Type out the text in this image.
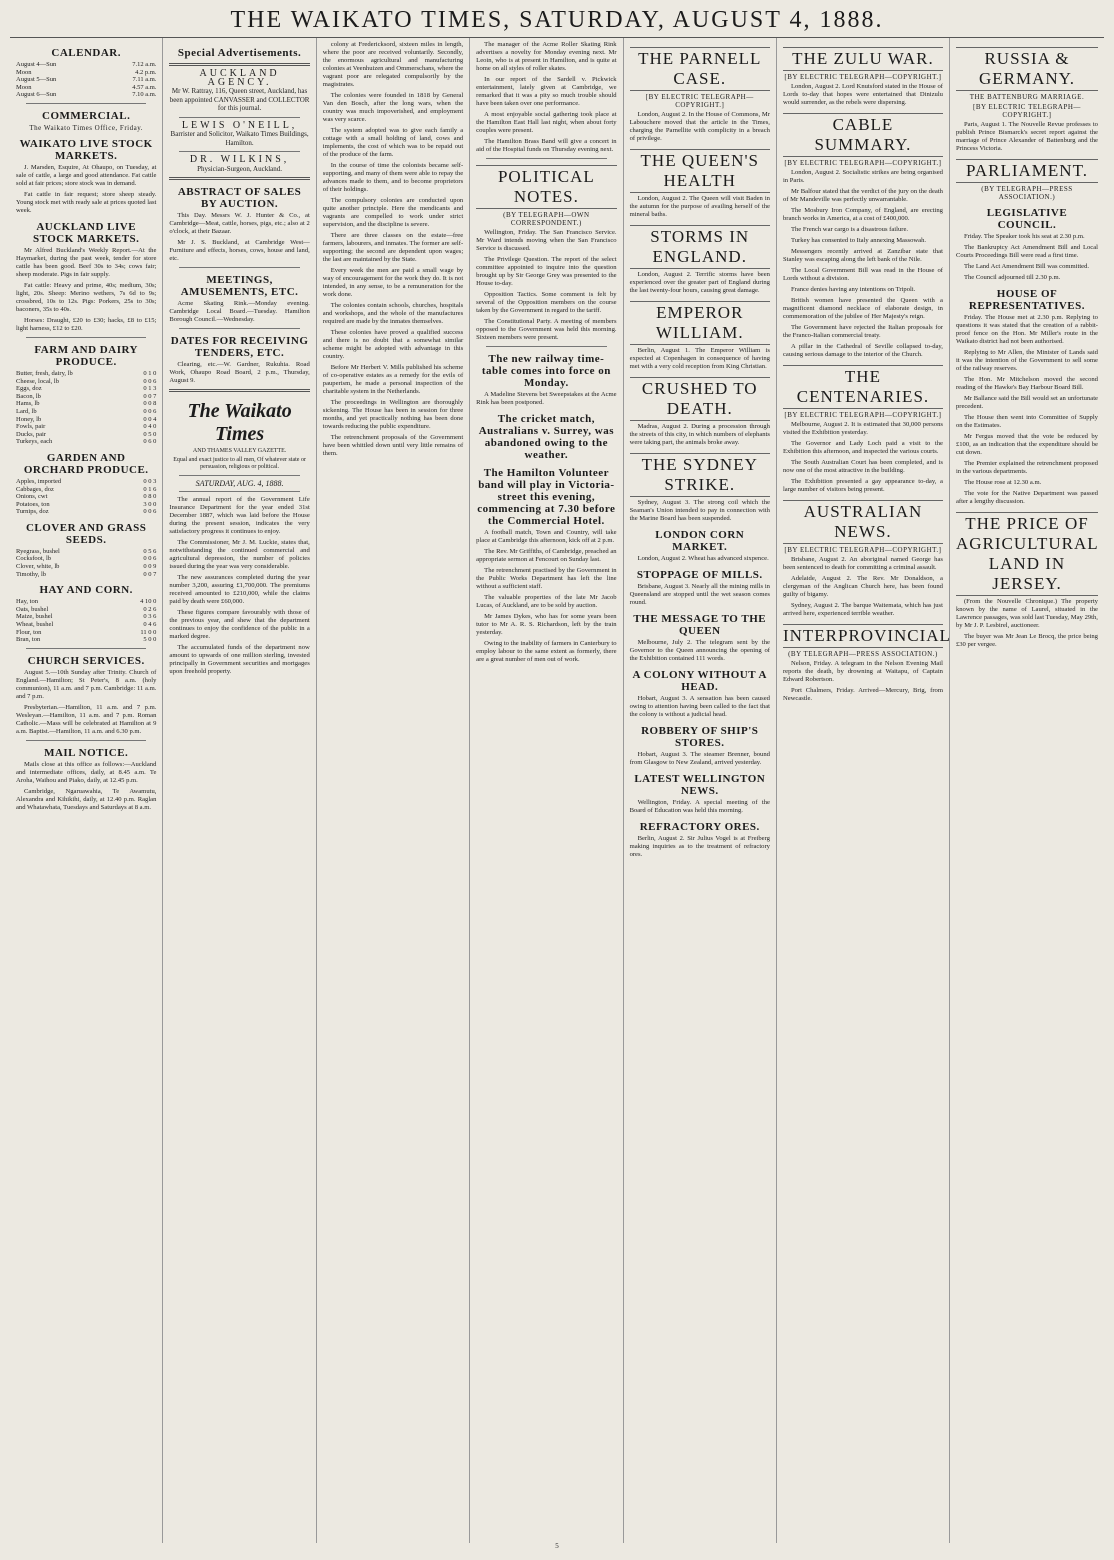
THE WAIKATO TIMES, SATURDAY, AUGUST 4, 1888.
CALENDAR.
August 4—Sun	7.12 a.m.
Moon	4.2 p.m.
August 5—Sun	7.11 a.m.
Moon	4.57 a.m.
August 6—Sun	7.10 a.m.
COMMERCIAL.
The Waikato Times Office, Friday.
WAIKATO LIVE STOCK MARKETS.

J. Marsden, Esquire, At Ohaupo, on Tuesday, at sale of cattle, a large and good attendance. Fat cattle sold at fair prices; store stock was in demand.

Fat cattle in fair request; store sheep steady. Young stock met with ready sale at prices quoted last week.

AUCKLAND LIVE STOCK MARKETS.

Mr Alfred Buckland's Weekly Report.—At the Haymarket, during the past week, tender for store cattle has been good. Beef 30s to 34s; cows fair; sheep moderate. Pigs in fair supply.

Fat cattle: Heavy and prime, 40s; medium, 30s; light, 20s. Sheep: Merino wethers, 7s 6d to 9s; crossbred, 10s to 12s. Pigs: Porkers, 25s to 30s; baconers, 35s to 40s.

Horses: Draught, £20 to £30; hacks, £8 to £15; light harness, £12 to £20.

FARM AND DAIRY PRODUCE.
Butter, fresh, dairy, lb	0 1 0
Cheese, local, lb	0 0 6
Eggs, doz	0 1 3
Bacon, lb	0 0 7
Hams, lb	0 0 8
Lard, lb	0 0 6
Honey, lb	0 0 4
Fowls, pair	0 4 0
Ducks, pair	0 5 0
Turkeys, each	0 6 0
GARDEN AND ORCHARD PRODUCE.
Apples, imported	0 0 3
Cabbages, doz	0 1 6
Onions, cwt	0 8 0
Potatoes, ton	3 0 0
Turnips, doz	0 0 6
CLOVER AND GRASS SEEDS.
Ryegrass, bushel	0 5 6
Cocksfoot, lb	0 0 6
Clover, white, lb	0 0 9
Timothy, lb	0 0 7
HAY AND CORN.
Hay, ton	4 10 0
Oats, bushel	0 2 6
Maize, bushel	0 3 6
Wheat, bushel	0 4 6
Flour, ton	11 0 0
Bran, ton	5 0 0
CHURCH SERVICES.

August 5.—10th Sunday after Trinity. Church of England.—Hamilton; St Peter's, 8 a.m. (holy communion), 11 a.m. and 7 p.m. Cambridge: 11 a.m. and 7 p.m.

Presbyterian.—Hamilton, 11 a.m. and 7 p.m. Wesleyan.—Hamilton, 11 a.m. and 7 p.m. Roman Catholic.—Mass will be celebrated at Hamilton at 9 a.m. Baptist.—Hamilton, 11 a.m. and 6.30 p.m.

MAIL NOTICE.

Mails close at this office as follows:—Auckland and intermediate offices, daily, at 8.45 a.m. Te Aroha, Waihou and Piako, daily, at 12.45 p.m.

Cambridge, Ngaruawahia, Te Awamutu, Alexandra and Kihikihi, daily, at 12.40 p.m. Raglan and Whatawhata, Tuesdays and Saturdays at 8 a.m.

Special Advertisements.
AUCKLAND AGENCY.
Mr W. Rattray, 116, Queen street, Auckland, has been appointed CANVASSER and COLLECTOR for this journal.
LEWIS O'NEILL,
Barrister and Solicitor, Waikato Times Buildings, Hamilton.
DR. WILKINS,
Physician-Surgeon, Auckland.
ABSTRACT OF SALES BY AUCTION.

This Day. Messrs W. J. Hunter & Co., at Cambridge—Meat, cattle, horses, pigs, etc.; also at 2 o'clock, at their Bazaar.

Mr J. S. Buckland, at Cambridge West—Furniture and effects, horses, cows, house and land, etc.

MEETINGS, AMUSEMENTS, ETC.

Acme Skating Rink.—Monday evening. Cambridge Local Board.—Tuesday. Hamilton Borough Council.—Wednesday.

DATES FOR RECEIVING TENDERS, ETC.

Clearing, etc.—W. Gardner, Rukuhia. Road Work, Ohaupo Road Board, 2 p.m., Thursday, August 9.

The Waikato Times
AND THAMES VALLEY GAZETTE.
Equal and exact justice to all men, Of whatever state or persuasion, religious or political.
SATURDAY, AUG. 4, 1888.

The annual report of the Government Life Insurance Department for the year ended 31st December 1887, which was laid before the House during the present session, indicates the very satisfactory progress it continues to enjoy.

The Commissioner, Mr J. M. Luckie, states that, notwithstanding the continued commercial and agricultural depression, the number of policies issued during the year was very considerable.

The new assurances completed during the year number 3,200, assuring £1,700,000. The premiums received amounted to £210,000, while the claims paid by death were £60,000.

These figures compare favourably with those of the previous year, and shew that the department continues to enjoy the confidence of the public in a marked degree.

The accumulated funds of the department now amount to upwards of one million sterling, invested principally in Government securities and mortgages upon freehold property.

colony at Fredericksord, sixteen miles in length, where the poor are received voluntarily. Secondly, the enormous agricultural and manufacturing colonies at Veenhuizen and Ommerschans, where the vagrant poor are relegated compulsorily by the magistrates.

The colonies were founded in 1818 by General Van den Bosch, after the long wars, when the country was much impoverished, and employment was very scarce.

The system adopted was to give each family a cottage with a small holding of land, cows and implements, the cost of which was to be repaid out of the produce of the farm.

In the course of time the colonists became self-supporting, and many of them were able to repay the advances made to them, and to become proprietors of their holdings.

The compulsory colonies are conducted upon quite another principle. Here the mendicants and vagrants are compelled to work under strict supervision, and the discipline is severe.

There are three classes on the estate—free farmers, labourers, and inmates. The former are self-supporting; the second are dependent upon wages; the last are maintained by the State.

Every week the men are paid a small wage by way of encouragement for the work they do. It is not intended, in any sense, to be a remuneration for the work done.

The colonies contain schools, churches, hospitals and workshops, and the whole of the manufactures required are made by the inmates themselves.

These colonies have proved a qualified success and there is no doubt that a somewhat similar scheme might be adopted with advantage in this country.

Before Mr Herbert V. Mills published his scheme of co-operative estates as a remedy for the evils of pauperism, he made a personal inspection of the charitable system in the Netherlands.

The proceedings in Wellington are thoroughly sickening. The House has been in session for three months, and yet practically nothing has been done towards reducing the public expenditure.

The retrenchment proposals of the Government have been whittled down until very little remains of them.

The manager of the Acme Roller Skating Rink advertises a novelty for Monday evening next. Mr Leoin, who is at present in Hamilton, and is quite at home on all styles of roller skates.

In our report of the Sardell v. Pickwick entertainment, lately given at Cambridge, we remarked that it was a pity so much trouble should have been taken over one performance.

A most enjoyable social gathering took place at the Hamilton East Hall last night, when about forty couples were present.

The Hamilton Brass Band will give a concert in aid of the Hospital funds on Thursday evening next.

POLITICAL NOTES.
(BY TELEGRAPH—OWN CORRESPONDENT.)

Wellington, Friday. The San Francisco Service. Mr Ward intends moving when the San Francisco Service is discussed.

The Privilege Question. The report of the select committee appointed to inquire into the question brought up by Sir George Grey was presented to the House to-day.

Opposition Tactics. Some comment is felt by several of the Opposition members on the course taken by the Government in regard to the tariff.

The Constitutional Party. A meeting of members opposed to the Government was held this morning. Sixteen members were present.

The new railway time-table comes into force on Monday.

A Madeline Stevens bet Sweepstakes at the Acme Rink has been postponed.

The cricket match, Australians v. Surrey, was abandoned owing to the weather.
The Hamilton Volunteer band will play in Victoria-street this evening, commencing at 7.30 before the Commercial Hotel.

A football match, Town and Country, will take place at Cambridge this afternoon, kick off at 2 p.m.

The Rev. Mr Griffiths, of Cambridge, preached an appropriate sermon at Fencourt on Sunday last.

The retrenchment practised by the Government in the Public Works Department has left the line without a sufficient staff.

The valuable properties of the late Mr Jacob Lucas, of Auckland, are to be sold by auction.

Mr James Dykes, who has for some years been tutor to Mr A. R. S. Richardson, left by the train yesterday.

Owing to the inability of farmers in Canterbury to employ labour to the same extent as formerly, there are a great number of men out of work.

THE PARNELL CASE.
[BY ELECTRIC TELEGRAPH—COPYRIGHT.]

London, August 2. In the House of Commons, Mr Labouchere moved that the article in the Times, charging the Parnellite with complicity in a breach of privilege.

THE QUEEN'S HEALTH

London, August 2. The Queen will visit Baden in the autumn for the purpose of availing herself of the mineral baths.

STORMS IN ENGLAND.

London, August 2. Terrific storms have been experienced over the greater part of England during the last twenty-four hours, causing great damage.

EMPEROR WILLIAM.

Berlin, August 1. The Emperor William is expected at Copenhagen in consequence of having met with a very cold reception from King Christian.

CRUSHED TO DEATH.

Madras, August 2. During a procession through the streets of this city, in which numbers of elephants were taking part, the animals broke away.

THE SYDNEY STRIKE.

Sydney, August 3. The strong coil which the Seaman's Union intended to pay in connection with the Marine Board has been suspended.

LONDON CORN MARKET.

London, August 2. Wheat has advanced sixpence.

STOPPAGE OF MILLS.

Brisbane, August 3. Nearly all the mining mills in Queensland are stopped until the wet season comes round.

THE MESSAGE TO THE QUEEN

Melbourne, July 2. The telegram sent by the Governor to the Queen announcing the opening of the Exhibition contained 111 words.

A COLONY WITHOUT A HEAD.

Hobart, August 3. A sensation has been caused owing to attention having been called to the fact that the colony is without a judicial head.

ROBBERY OF SHIP'S STORES.

Hobart, August 3. The steamer Brenner, bound from Glasgow to New Zealand, arrived yesterday.

LATEST WELLINGTON NEWS.

Wellington, Friday. A special meeting of the Board of Education was held this morning.

REFRACTORY ORES.

Berlin, August 2. Sir Julius Vogel is at Freiberg making inquiries as to the treatment of refractory ores.

THE ZULU WAR.
[BY ELECTRIC TELEGRAPH—COPYRIGHT.]

London, August 2. Lord Knutsford stated in the House of Lords to-day that hopes were entertained that Dinizulu would surrender, as the rebels were dispersing.

CABLE SUMMARY.
[BY ELECTRIC TELEGRAPH—COPYRIGHT.]

London, August 2. Socialistic strikes are being organised in Paris.

Mr Balfour stated that the verdict of the jury on the death of Mr Mandeville was perfectly unwarrantable.

The Mosbury Iron Company, of England, are erecting branch works in America, at a cost of £400,000.

The French war cargo is a disastrous failure.

Turkey has consented to Italy annexing Massowah.

Messengers recently arrived at Zanzibar state that Stanley was escaping along the left bank of the Nile.

The Local Government Bill was read in the House of Lords without a division.

France denies having any intentions on Tripoli.

British women have presented the Queen with a magnificent diamond necklace of elaborate design, in commemoration of the jubilee of Her Majesty's reign.

The Government have rejected the Italian proposals for the Franco-Italian commercial treaty.

A pillar in the Cathedral of Seville collapsed to-day, causing serious damage to the interior of the Church.

THE CENTENARIES.
[BY ELECTRIC TELEGRAPH—COPYRIGHT.]

Melbourne, August 2. It is estimated that 30,000 persons visited the Exhibition yesterday.

The Governor and Lady Loch paid a visit to the Exhibition this afternoon, and inspected the various courts.

The South Australian Court has been completed, and is now one of the most attractive in the building.

The Exhibition presented a gay appearance to-day, a large number of visitors being present.

AUSTRALIAN NEWS.
[BY ELECTRIC TELEGRAPH—COPYRIGHT.]

Brisbane, August 2. An aboriginal named George has been sentenced to death for committing a criminal assault.

Adelaide, August 2. The Rev. Mr Donaldson, a clergyman of the Anglican Church here, has been found guilty of bigamy.

Sydney, August 2. The barque Waitemata, which has just arrived here, experienced terrible weather.

INTERPROVINCIAL
(BY TELEGRAPH—PRESS ASSOCIATION.)

Nelson, Friday. A telegram in the Nelson Evening Mail reports the death, by drowning at Waitapu, of Captain Edward Robertson.

Port Chalmers, Friday. Arrived—Mercury, Brig, from Newcastle.

RUSSIA & GERMANY.
THE BATTENBURG MARRIAGE.
[BY ELECTRIC TELEGRAPH—COPYRIGHT.]

Paris, August 1. The Nouvelle Revue professes to publish Prince Bismarck's secret report against the marriage of Prince Alexander of Battenburg and the Princess Victoria.

PARLIAMENT.
(BY TELEGRAPH—PRESS ASSOCIATION.)
LEGISLATIVE COUNCIL.

Friday. The Speaker took his seat at 2.30 p.m.

The Bankruptcy Act Amendment Bill and Local Courts Proceedings Bill were read a first time.

The Land Act Amendment Bill was committed.

The Council adjourned till 2.30 p.m.

HOUSE OF REPRESENTATIVES.

Friday. The House met at 2.30 p.m. Replying to questions it was stated that the creation of a rabbit-proof fence on the Hon. Mr Miller's route in the Waikato district had not been authorised.

Replying to Mr Allen, the Minister of Lands said it was the intention of the Government to sell some of the railway reserves.

The Hon. Mr Mitchelson moved the second reading of the Hawke's Bay Harbour Board Bill.

Mr Ballance said the Bill would set an unfortunate precedent.

The House then went into Committee of Supply on the Estimates.

Mr Fergus moved that the vote be reduced by £100, as an indication that the expenditure should be cut down.

The Premier explained the retrenchment proposed in the various departments.

The House rose at 12.30 a.m.

The vote for the Native Department was passed after a lengthy discussion.

THE PRICE OF AGRICULTURAL LAND IN JERSEY.

(From the Nouvelle Chronique.) The property known by the name of Laurel, situated in the Lawrence passages, was sold last Tuesday, May 29th, by Mr J. P. Lesbirel, auctioneer.

The buyer was Mr Jean Le Brocq, the price being £30 per vergee.

5
